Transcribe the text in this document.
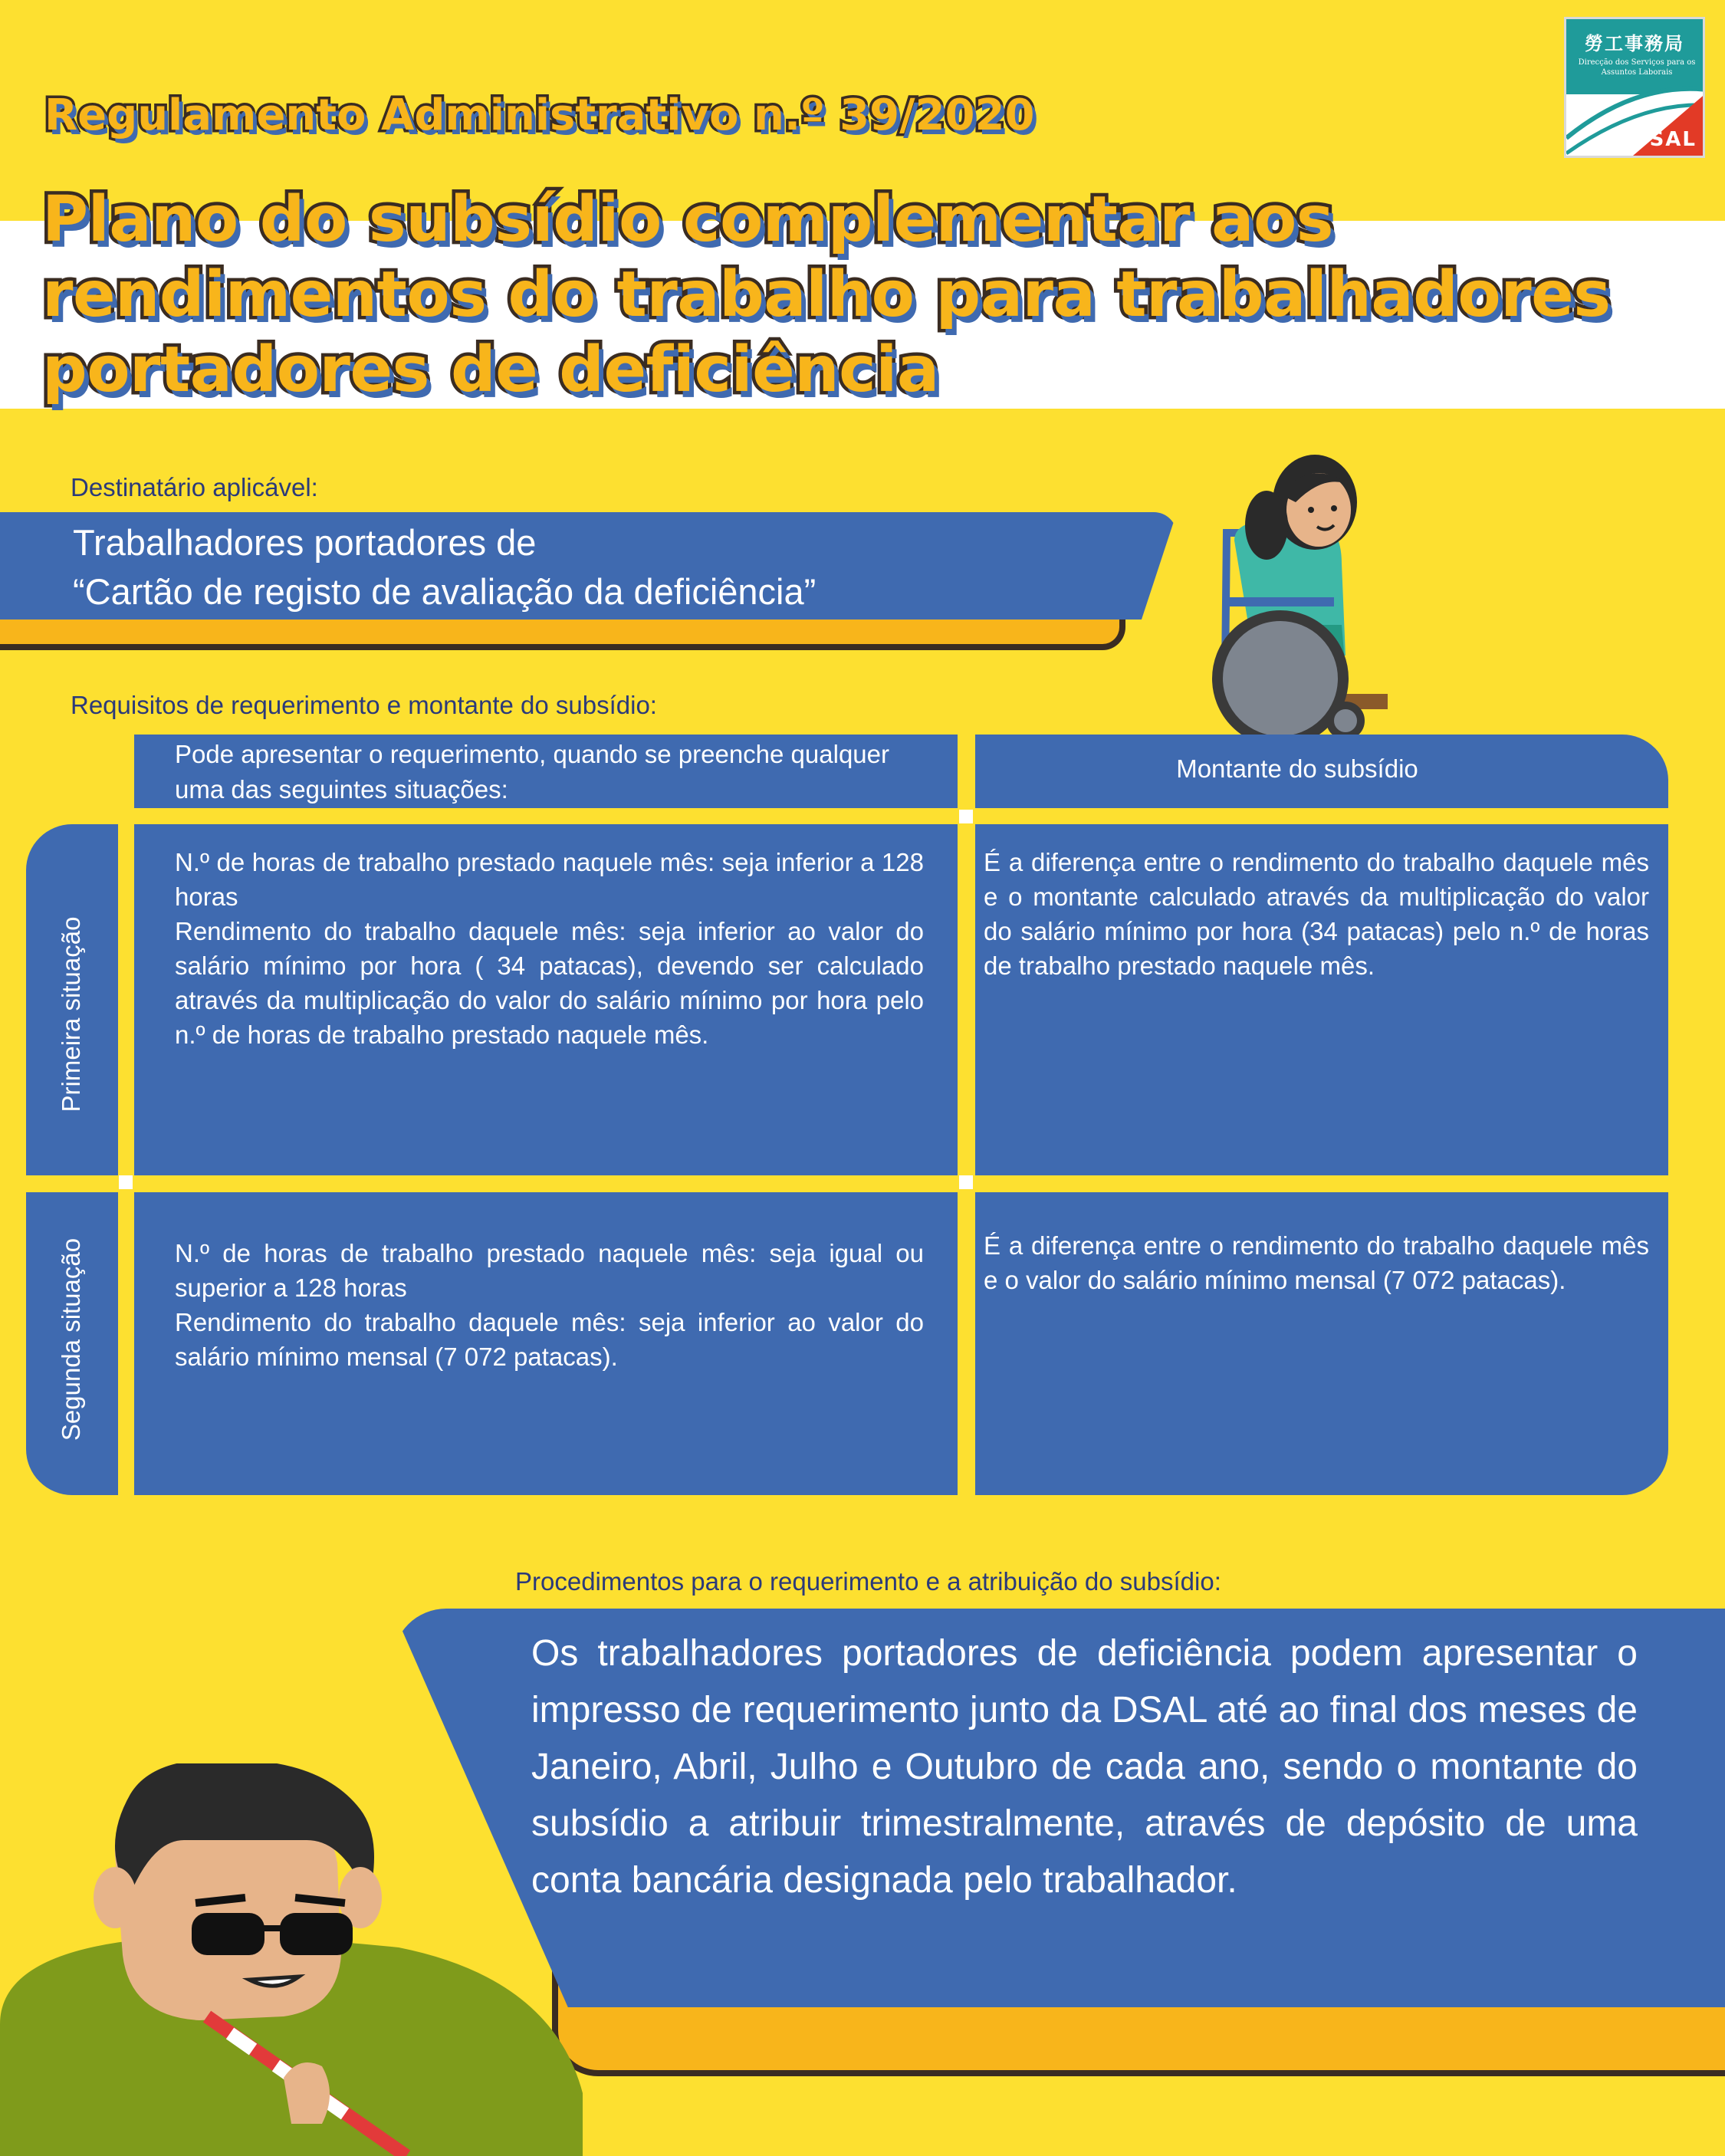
Regulamento Administrativo n.º 39/2020
Plano do subsídio complementar aos
rendimentos do trabalho para trabalhadores
portadores de deficiência
勞工事務局
Direcção dos Serviços para os Assuntos Laborais
DSAL
Destinatário aplicável:
Trabalhadores portadores de
“Cartão de registo de avaliação da deficiência”
Requisitos de requerimento e montante do subsídio:
Pode apresentar o requerimento, quando se preenche qualquer uma das seguintes situações:
Montante do subsídio
Primeira situação
N.º de horas de trabalho prestado naquele mês: seja inferior a 128 horas
Rendimento do trabalho daquele mês: seja inferior ao valor do salário mínimo por hora ( 34 patacas), devendo ser calculado através da multiplicação do valor do salário mínimo por hora pelo n.º de horas de trabalho prestado naquele mês.
É a diferença entre o rendimento do trabalho daquele mês e o montante calculado através da multiplicação do valor do salário mínimo por hora (34 patacas) pelo n.º de horas de trabalho prestado naquele mês.
Segunda situação	N.º de horas de trabalho prestado naquele mês: seja igual ou superior a 128 horas
Rendimento do trabalho daquele mês: seja inferior ao valor do salário mínimo mensal (7 072 patacas).
É a diferença entre o rendimento do trabalho daquele mês e o valor do salário mínimo mensal (7 072 patacas).
Procedimentos para o requerimento e a atribuição do subsídio:
Os trabalhadores portadores de deficiência podem apresentar o impresso de requerimento junto da DSAL até ao final dos meses de Janeiro, Abril, Julho e Outubro de cada ano, sendo o montante do subsídio a atribuir trimestralmente, através de depósito de uma conta bancária designada pelo trabalhador.
